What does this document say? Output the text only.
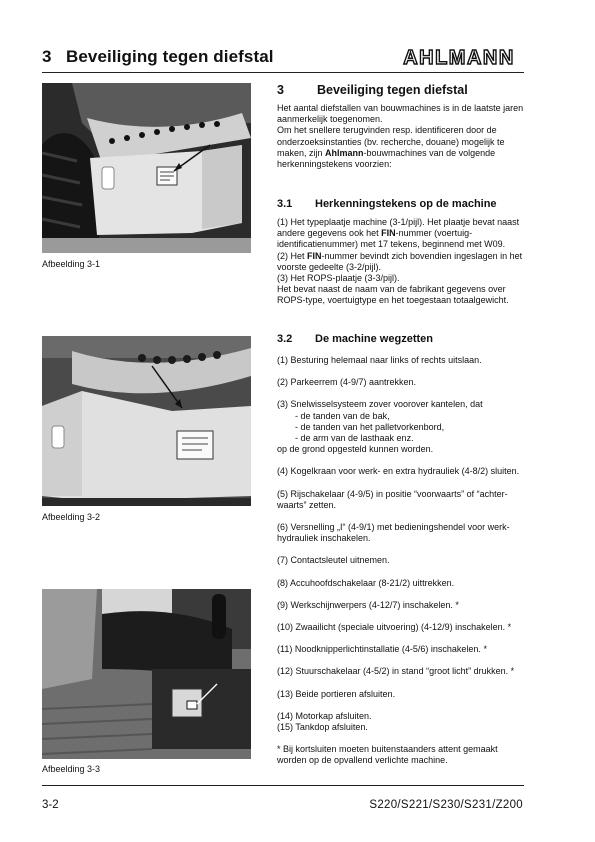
3 Beveiliging tegen diefstal	AHLMANN
Afbeelding 3-1
Afbeelding 3-2
Afbeelding 3-3
3	Beveiliging tegen diefstal

Het aantal diefstallen van bouwmachines is in de laatste jaren aanmerkelijk toegenomen.

Om het snellere terugvinden resp. identificeren door de onderzoeksinstanties (bv. recherche, douane) mogelijk te maken, zijn Ahlmann-bouwmachines van de volgende herkenningstekens voorzien:

3.1 Herkenningstekens op de machine

(1) Het typeplaatje machine (3-1/pijl). Het plaatje bevat naast andere gegevens ook het FIN-nummer (voertuig-identificatienummer) met 17 tekens, beginnend met W09.

(2) Het FIN-nummer bevindt zich bovendien ingeslagen in het voorste gedeelte (3-2/pijl).

(3) Het ROPS-plaatje (3-3/pijl).

Het bevat naast de naam van de fabrikant gegevens over ROPS-type, voertuigtype en het toegestaan totaalgewicht.

3.2 De machine wegzetten

(1) Besturing helemaal naar links of rechts uitslaan.

(2) Parkeerrem (4-9/7) aantrekken.

(3) Snelwisselsysteem zover voorover kantelen, dat

- de tanden van de bak,

- de tanden van het palletvorkenbord,

- de arm van de lasthaak enz.

op de grond opgesteld kunnen worden.

(4) Kogelkraan voor werk- en extra hydrauliek (4-8/2) sluiten.

(5) Rijschakelaar (4-9/5) in positie “voorwaarts” of “achter-waarts” zetten.

(6) Versnelling „I“ (4-9/1) met bedieningshendel voor werk-hydrauliek inschakelen.

(7) Contactsleutel uitnemen.

(8) Accuhoofdschakelaar (8-21/2) uittrekken.

(9) Werkschijnwerpers (4-12/7) inschakelen. *

(10) Zwaailicht (speciale uitvoering) (4-12/9) inschakelen. *

(11) Noodknipperlichtinstallatie (4-5/6) inschakelen. *

(12) Stuurschakelaar (4-5/2) in stand “groot licht” drukken. *

(13) Beide portieren afsluiten.

(14) Motorkap afsluiten.

(15) Tankdop afsluiten.

* Bij kortsluiten moeten buitenstaanders attent gemaakt worden op de opvallend verlichte machine.

3-2	S220/S221/S230/S231/Z200
